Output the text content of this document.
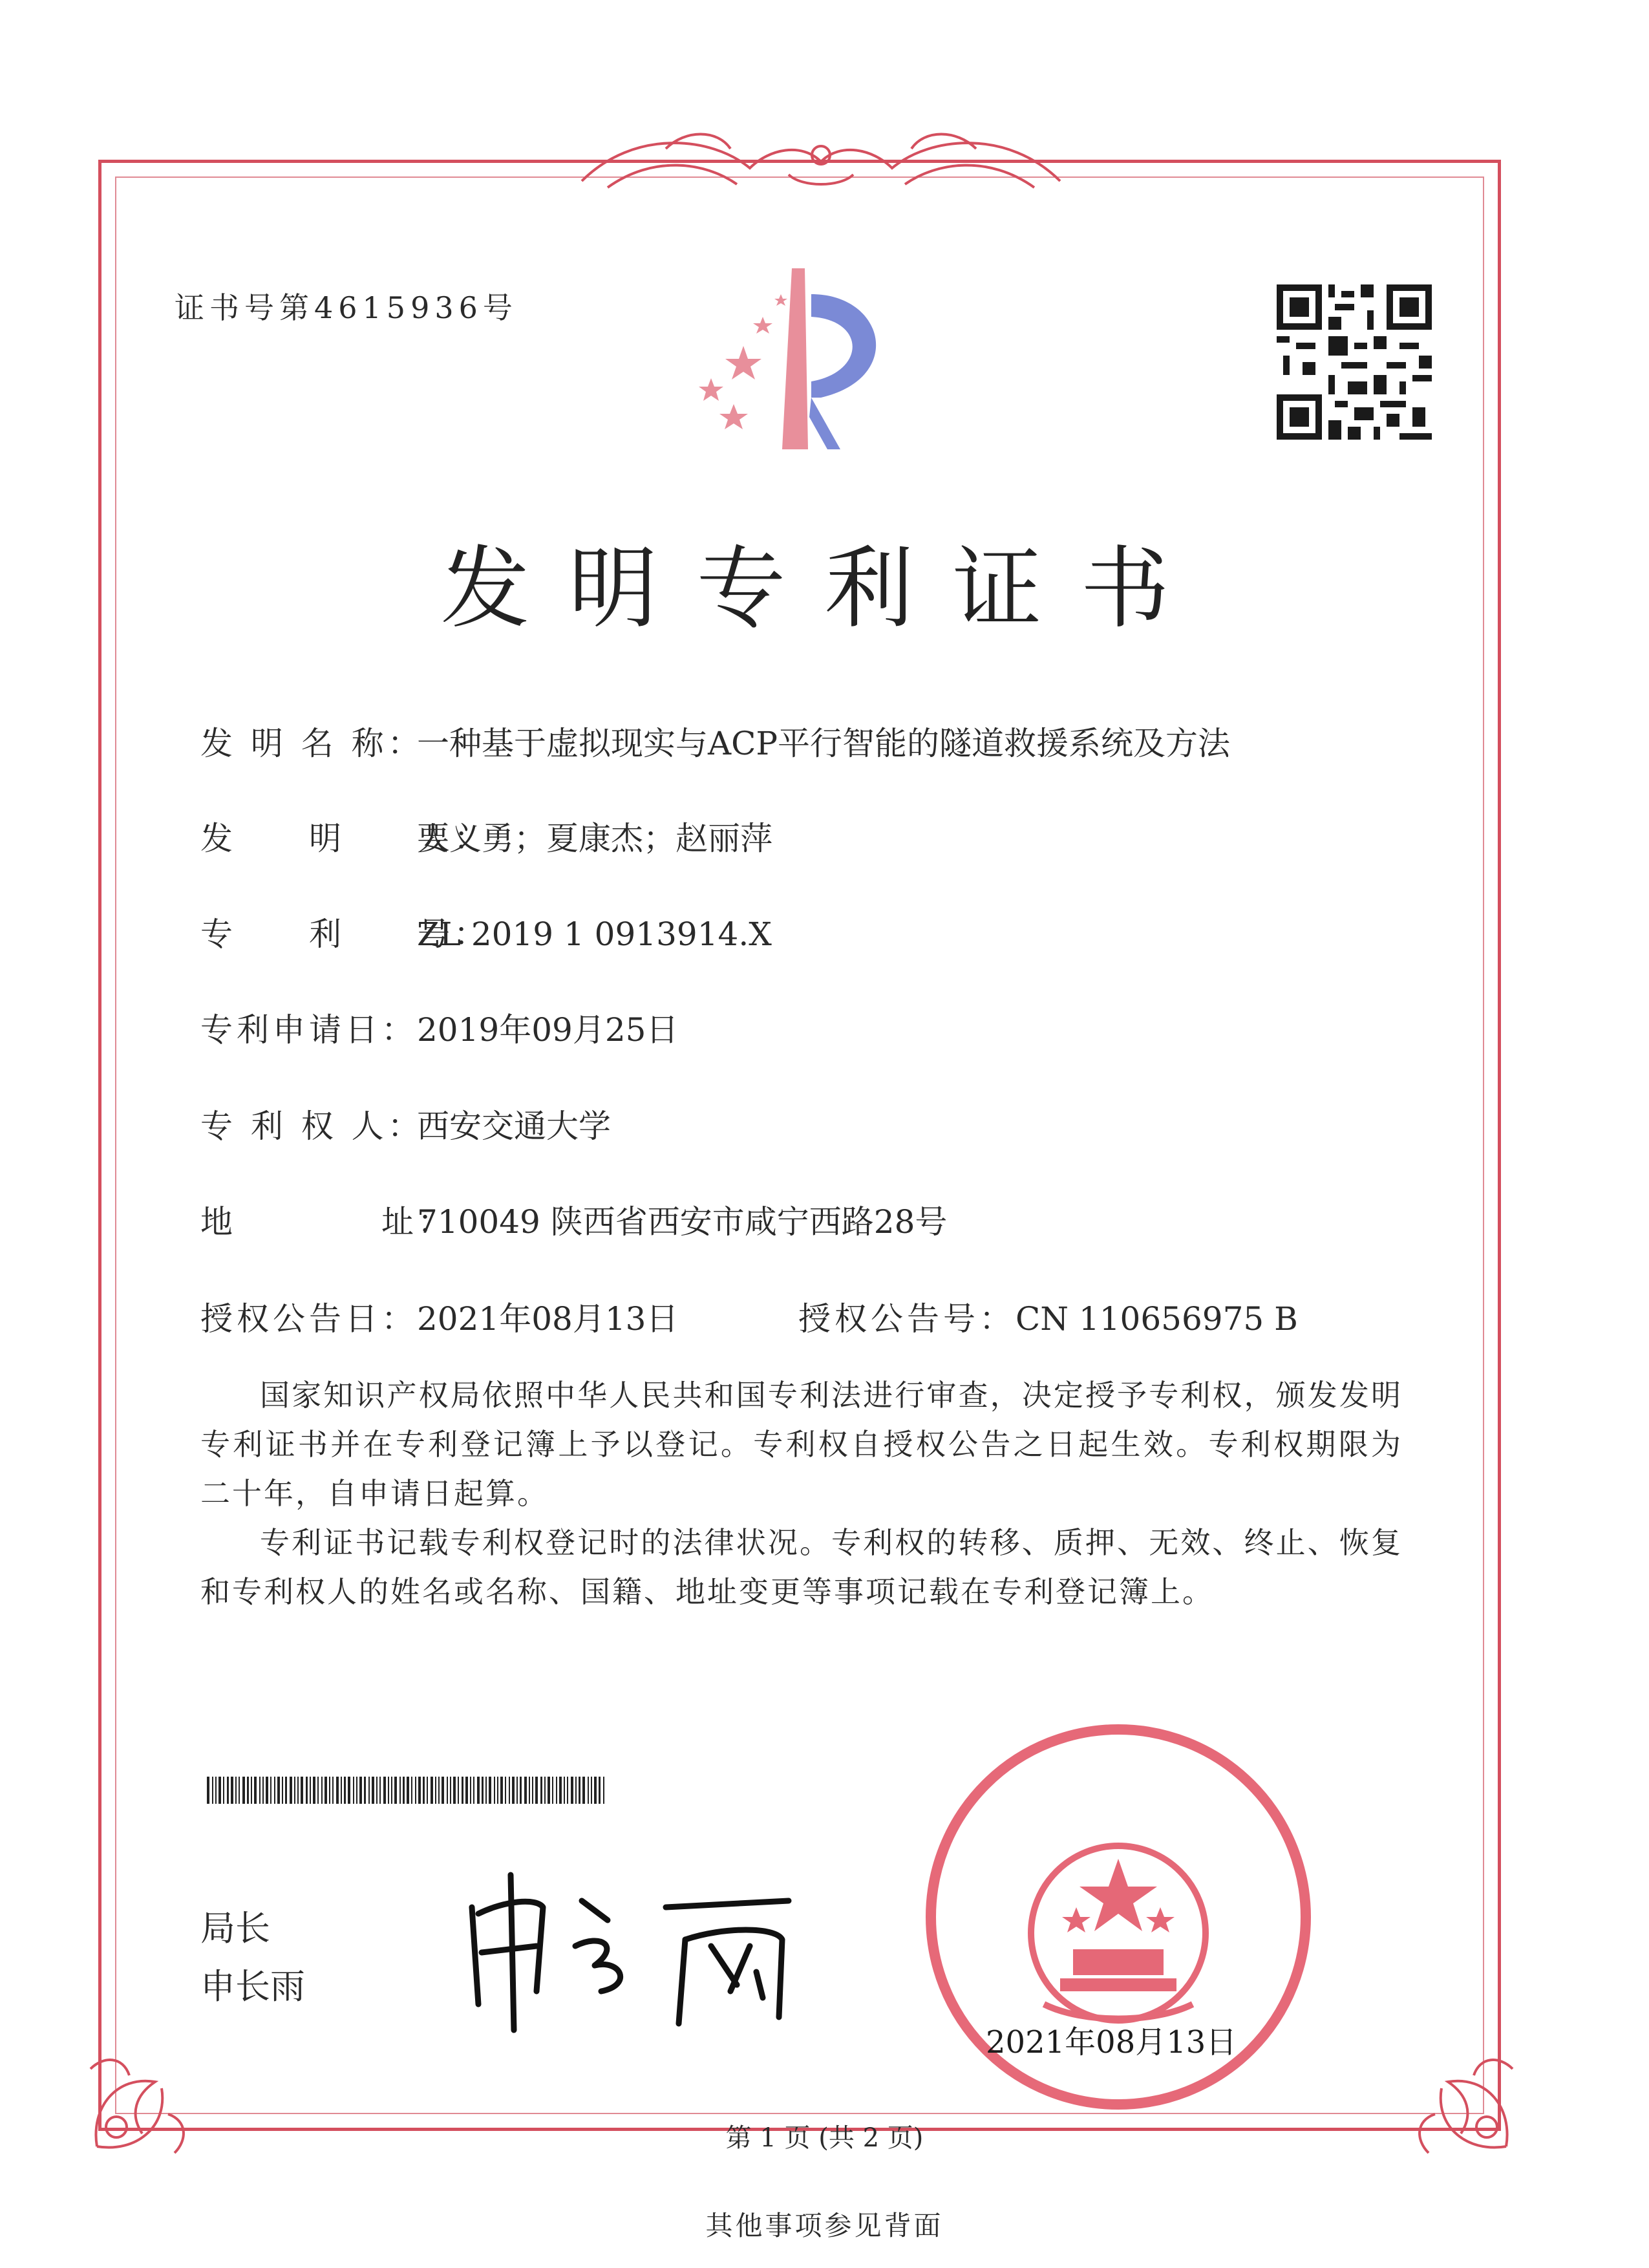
证书号第4615936号
发明专利证书
发 明 名 称：一种基于虚拟现实与ACP平行智能的隧道救援系统及方法
发　　明　　人：要义勇；夏康杰；赵丽萍
专　　利　　号：ZL 2019 1 0913914.X
专利申请日：2019年09月25日
专 利 权 人：西安交通大学
地　　　　址：710049 陕西省西安市咸宁西路28号
授权公告日：2021年08月13日	授权公告号：CN 110656975 B

国家知识产权局依照中华人民共和国专利法进行审查，决定授予专利权，颁发发明专利证书并在专利登记簿上予以登记。专利权自授权公告之日起生效。专利权期限为二十年，自申请日起算。

专利证书记载专利权登记时的法律状况。专利权的转移、质押、无效、终止、恢复和专利权人的姓名或名称、国籍、地址变更等事项记载在专利登记簿上。

局长
申长雨
2021年08月13日
第 1 页 (共 2 页)
其他事项参见背面
